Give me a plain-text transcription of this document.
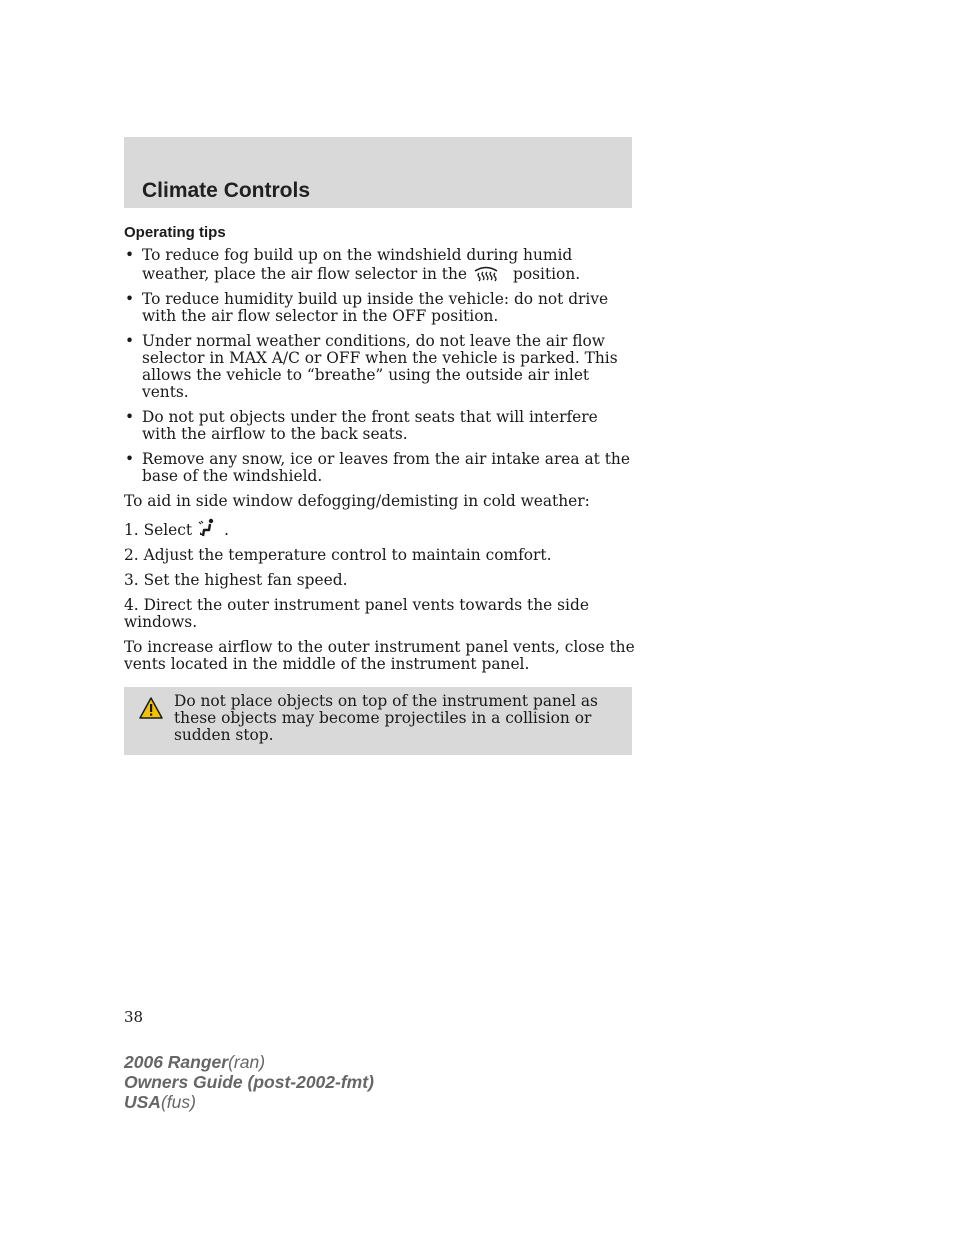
Climate Controls
Operating tips
• To reduce fog build up on the windshield during humid weather, place the air flow selector in the	position.
• To reduce humidity build up inside the vehicle: do not drive with the air flow selector in the OFF position.
• Under normal weather conditions, do not leave the air flow selector in MAX A/C or OFF when the vehicle is parked. This allows the vehicle to “breathe” using the outside air inlet vents.
• Do not put objects under the front seats that will interfere with the airflow to the back seats.
• Remove any snow, ice or leaves from the air intake area at the base of the windshield.

To aid in side window defogging/demisting in cold weather:

1. Select .

2. Adjust the temperature control to maintain comfort.

3. Set the highest fan speed.

4. Direct the outer instrument panel vents towards the side windows.

To increase airflow to the outer instrument panel vents, close the vents located in the middle of the instrument panel.

Do not place objects on top of the instrument panel as these objects may become projectiles in a collision or sudden stop.
38
2006 Ranger(ran)
Owners Guide (post-2002-fmt)
USA(fus)
